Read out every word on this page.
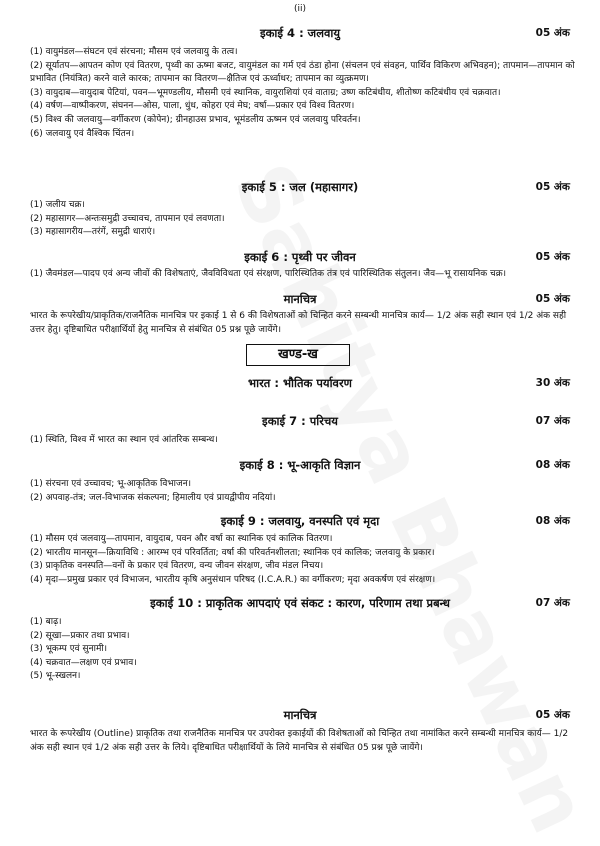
(ii)
इकाई 4 : जलवायु	05 अंक
(1) वायुमंडल—संघटन एवं संरचना; मौसम एवं जलवायु के तत्व।
(2) सूर्यातप—आपतन कोण एवं वितरण, पृथ्वी का ऊष्मा बजट, वायुमंडल का गर्म एवं ठंडा होना (संचलन एवं संवहन, पार्थिव विकिरण अभिवहन); तापमान—तापमान को प्रभावित (नियंत्रित) करने वाले कारक; तापमान का वितरण—क्षैतिज एवं ऊर्ध्वाधर; तापमान का व्युत्क्रमण।
(3) वायुदाब—वायुदाब पेटियां, पवन—भूमण्डलीय, मौसमी एवं स्थानिक, वायुराशियां एवं वाताग्र; उष्ण कटिबंधीय, शीतोष्ण कटिबंधीय एवं चक्रवात।
(4) वर्षण—वाष्पीकरण, संघनन—ओस, पाला, धुंध, कोहरा एवं मेघ; वर्षा—प्रकार एवं विश्व वितरण।
(5) विश्व की जलवायु—वर्गीकरण (कोपेन); ग्रीनहाउस प्रभाव, भूमंडलीय ऊष्मन एवं जलवायु परिवर्तन।
(6) जलवायु एवं वैश्विक चिंतन।
इकाई 5 : जल (महासागर)	05 अंक
(1) जलीय चक्र।
(2) महासागर—अन्तःसमुद्री उच्चावच, तापमान एवं लवणता।
(3) महासागरीय—तरंगें, समुद्री धाराएं।
इकाई 6 : पृथ्वी पर जीवन	05 अंक
(1) जैवमंडल—पादप एवं अन्य जीवों की विशेषताएं, जैवविविधता एवं संरक्षण, पारिस्थितिक तंत्र एवं पारिस्थितिक संतुलन। जैव—भू रासायनिक चक्र।
मानचित्र	05 अंक

भारत के रूपरेखीय/प्राकृतिक/राजनैतिक मानचित्र पर इकाई 1 से 6 की विशेषताओं को चिन्हित करने सम्बन्धी मानचित्र कार्य— 1/2 अंक सही स्थान एवं 1/2 अंक सही उत्तर हेतु। दृष्टिबाधित परीक्षार्थियों हेतु मानचित्र से संबंधित 05 प्रश्न पूछे जायेंगे।

खण्ड-ख
भारत : भौतिक पर्यावरण	30 अंक
इकाई 7 : परिचय	07 अंक
(1) स्थिति, विश्व में भारत का स्थान एवं आंतरिक सम्बन्ध।
इकाई 8 : भू-आकृति विज्ञान	08 अंक
(1) संरचना एवं उच्चावच; भू-आकृतिक विभाजन।
(2) अपवाह-तंत्र; जल-विभाजक संकल्पना; हिमालीय एवं प्रायद्वीपीय नदियां।
इकाई 9 : जलवायु, वनस्पति एवं मृदा	08 अंक
(1) मौसम एवं जलवायु—तापमान, वायुदाब, पवन और वर्षा का स्थानिक एवं कालिक वितरण।
(2) भारतीय मानसून—क्रियाविधि : आरम्भ एवं परिवर्तिता; वर्षा की परिवर्तनशीलता; स्थानिक एवं कालिक; जलवायु के प्रकार।
(3) प्राकृतिक वनस्पति—वनों के प्रकार एवं वितरण, वन्य जीवन संरक्षण, जीव मंडल निचय।
(4) मृदा—प्रमुख प्रकार एवं विभाजन, भारतीय कृषि अनुसंधान परिषद (I.C.A.R.) का वर्गीकरण; मृदा अवकर्षण एवं संरक्षण।
इकाई 10 : प्राकृतिक आपदाएं एवं संकट : कारण, परिणाम तथा प्रबन्ध	07 अंक
(1) बाढ़।
(2) सूखा—प्रकार तथा प्रभाव।
(3) भूकम्प एवं सुनामी।
(4) चक्रवात—लक्षण एवं प्रभाव।
(5) भू-स्खलन।
मानचित्र	05 अंक

भारत के रूपरेखीय (Outline) प्राकृतिक तथा राजनैतिक मानचित्र पर उपरोक्त इकाईयों की विशेषताओं को चिन्हित तथा नामांकित करने सम्बन्धी मानचित्र कार्य— 1/2 अंक सही स्थान एवं 1/2 अंक सही उत्तर के लिये। दृष्टिबाधित परीक्षार्थियों के लिये मानचित्र से संबंधित 05 प्रश्न पूछे जायेंगे।
